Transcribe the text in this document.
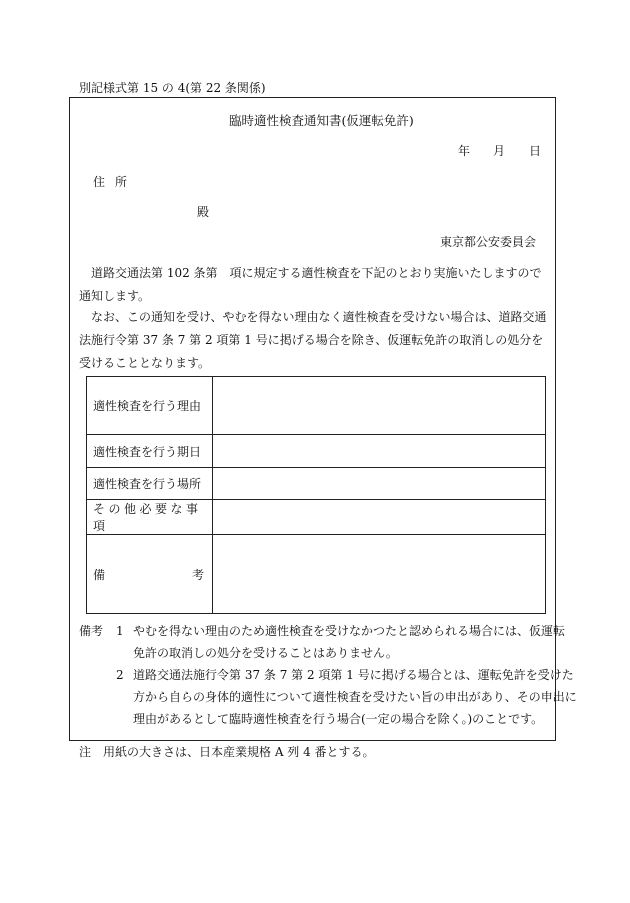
別記様式第 15 の 4(第 22 条関係)
臨時適性検査通知書(仮運転免許)
年 月 日
住所
殿
東京都公安委員会
道路交通法第 102 条第　項に規定する適性検査を下記のとおり実施いたしますので通知します。
なお、この通知を受け、やむを得ない理由なく適性検査を受けない場合は、道路交通法施行令第 37 条 7 第 2 項第 1 号に掲げる場合を除き、仮運転免許の取消しの処分を受けることとなります。
適性検査を行う理由	
適性検査を行う期日	
適性検査を行う場所	
その他必要な事項	

備 考	

備考 1 やむを得ない理由のため適性検査を受けなかつたと認められる場合には、仮運転
免許の取消しの処分を受けることはありません。
2 道路交通法施行令第 37 条 7 第 2 項第 1 号に掲げる場合とは、運転免許を受けた
方から自らの身体的適性について適性検査を受けたい旨の申出があり、その申出に
理由があるとして臨時適性検査を行う場合(一定の場合を除く。)のことです。
注　用紙の大きさは、日本産業規格 A 列 4 番とする。
